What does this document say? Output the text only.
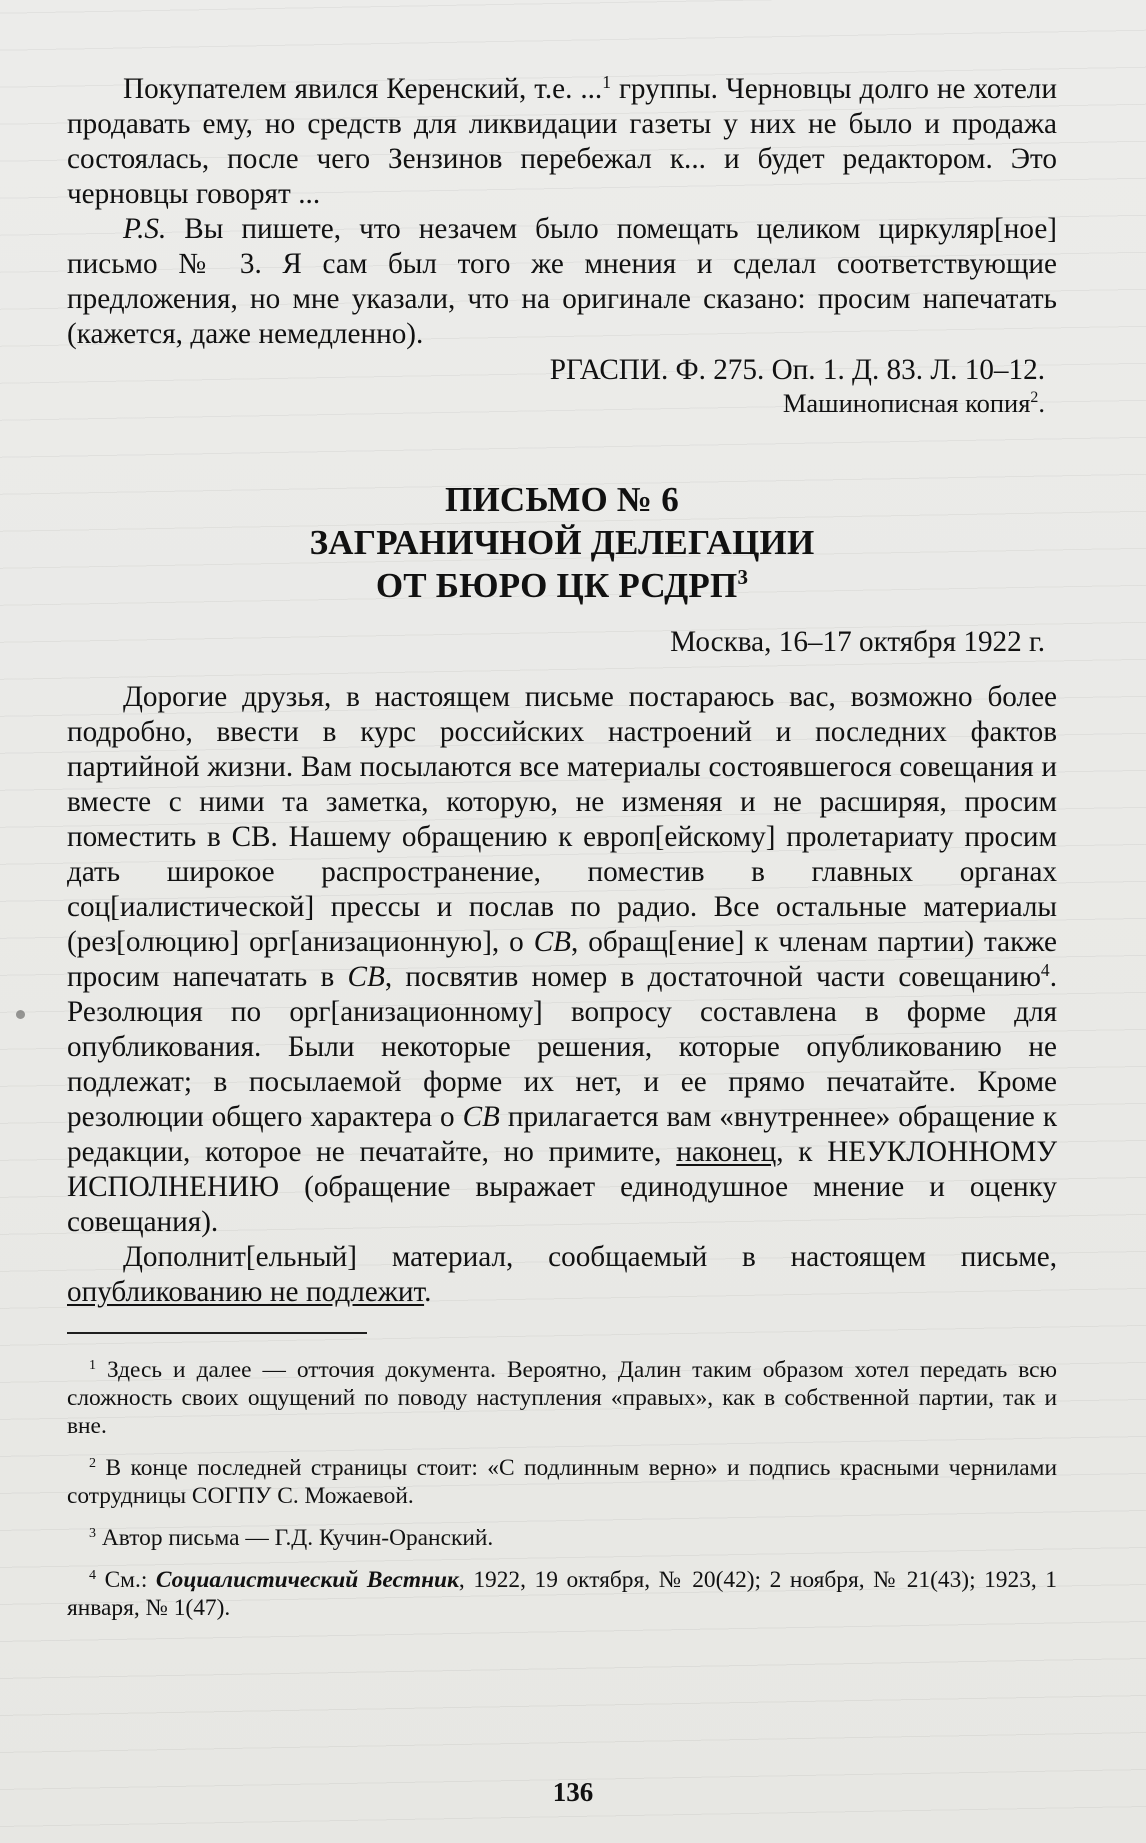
Покупателем явился Керенский, т.е. ...$^1$ группы. Черновцы долго не хотели продавать ему, но средств для ликвидации газеты у них не было и продажа состоялась, после чего Зензинов перебежал к... и будет редактором. Это черновцы говорят ...

P.S. Вы пишете, что незачем было помещать целиком циркуляр[ное] письмо № 3. Я сам был того же мнения и сделал соответствующие предложения, но мне указали, что на оригинале сказано: просим напечатать (кажется, даже немедленно).

РГАСПИ. Ф. 275. Оп. 1. Д. 83. Л. 10–12.
Машинописная копия$^2$.
ПИСЬМО № 6
ЗАГРАНИЧНОЙ ДЕЛЕГАЦИИ
ОТ БЮРО ЦК РСДРП$^3$
Москва, 16–17 октября 1922 г.

Дорогие друзья, в настоящем письме постараюсь вас, возможно более подробно, ввести в курс российских настроений и последних фактов партийной жизни. Вам посылаются все материалы состоявшегося совещания и вместе с ними та заметка, которую, не изменяя и не расширяя, просим поместить в СВ. Нашему обращению к европ[ейскому] пролетариату просим дать широкое распространение, поместив в главных органах соц[иалистической] прессы и послав по радио. Все остальные материалы (рез[олюцию] орг[анизационную], о СВ, обращ[ение] к членам партии) также просим напечатать в СВ, посвятив номер в достаточной части совещанию$^4$. Резолюция по орг[анизационному] вопросу составлена в форме для опубликования. Были некоторые решения, которые опубликованию не подлежат; в посылаемой форме их нет, и ее прямо печатайте. Кроме резолюции общего характера о СВ прилагается вам «внутреннее» обращение к редакции, которое не печатайте, но примите, наконец, к НЕУКЛОННОМУ ИСПОЛНЕНИЮ (обращение выражает единодушное мнение и оценку совещания).

Дополнит[ельный] материал, сообщаемый в настоящем письме, опубликованию не подлежит.

$^1$ Здесь и далее — отточия документа. Вероятно, Далин таким образом хотел передать всю сложность своих ощущений по поводу наступления «правых», как в собственной партии, так и вне.

$^2$ В конце последней страницы стоит: «С подлинным верно» и подпись красными чернилами сотрудницы СОГПУ С. Можаевой.

$^3$ Автор письма — Г.Д. Кучин-Оранский.

$^4$ См.: Социалистический Вестник, 1922, 19 октября, № 20(42); 2 ноября, № 21(43); 1923, 1 января, № 1(47).

136
